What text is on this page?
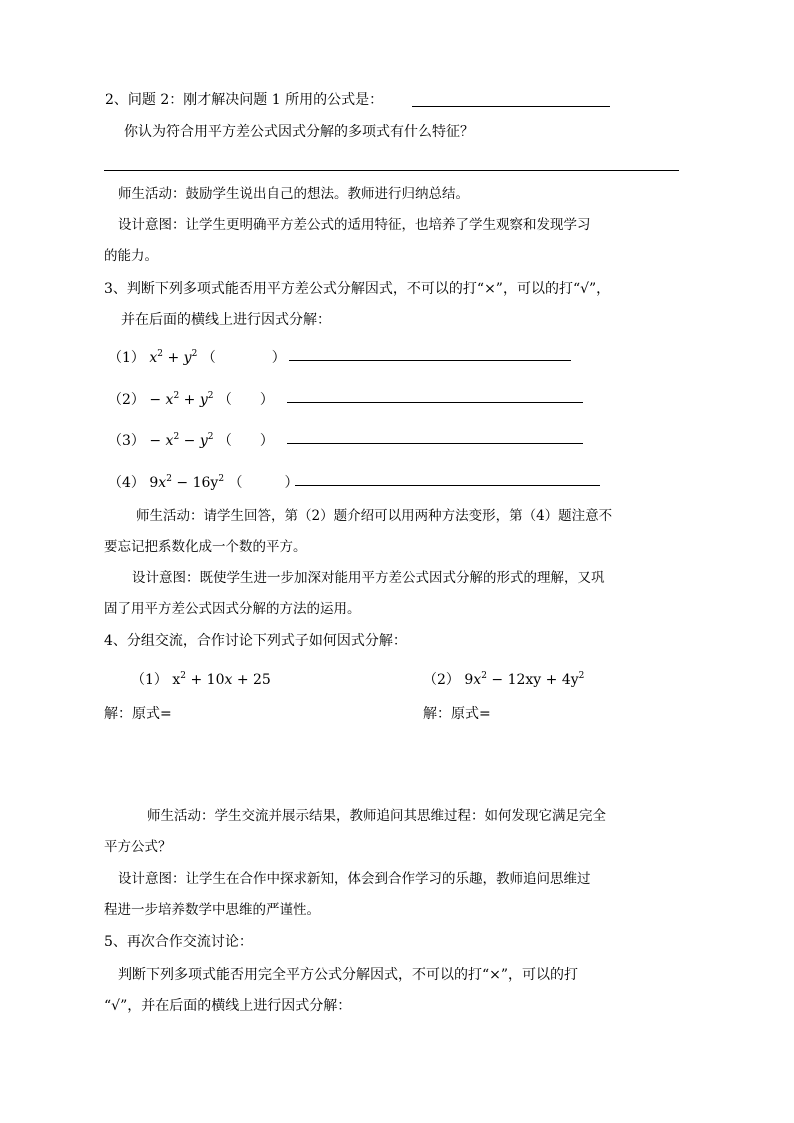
2、问题 2：刚才解决问题 1 所用的公式是：
你认为符合用平方差公式因式分解的多项式有什么特征？
师生活动：鼓励学生说出自己的想法。教师进行归纳总结。
设计意图：让学生更明确平方差公式的适用特征，也培养了学生观察和发现学习
的能力。
3、判断下列多项式能否用平方差公式分解因式，不可以的打“×”，可以的打“√”，
并在后面的横线上进行因式分解：
（1） $x^2 + y^2$ （　　　　）
$(2) - x^2 + y^2$ （　　）
$(3) - x^2 - y^2$ （　　）
（4） $9x^2 - 16y^2$ （　　　）
师生活动：请学生回答，第（2）题介绍可以用两种方法变形，第（4）题注意不
要忘记把系数化成一个数的平方。
设计意图：既使学生进一步加深对能用平方差公式因式分解的形式的理解，又巩
固了用平方差公式因式分解的方法的运用。
4、分组交流，合作讨论下列式子如何因式分解：
（1） $x^2 + 10x + 25$	（2） $9x^2 - 12xy + 4y^2$
解：原式=	解：原式=
师生活动：学生交流并展示结果，教师追问其思维过程：如何发现它满足完全
平方公式？
设计意图：让学生在合作中探求新知，体会到合作学习的乐趣，教师追问思维过
程进一步培养数学中思维的严谨性。
5、再次合作交流讨论：
判断下列多项式能否用完全平方公式分解因式，不可以的打“×”，可以的打
“√”，并在后面的横线上进行因式分解：
